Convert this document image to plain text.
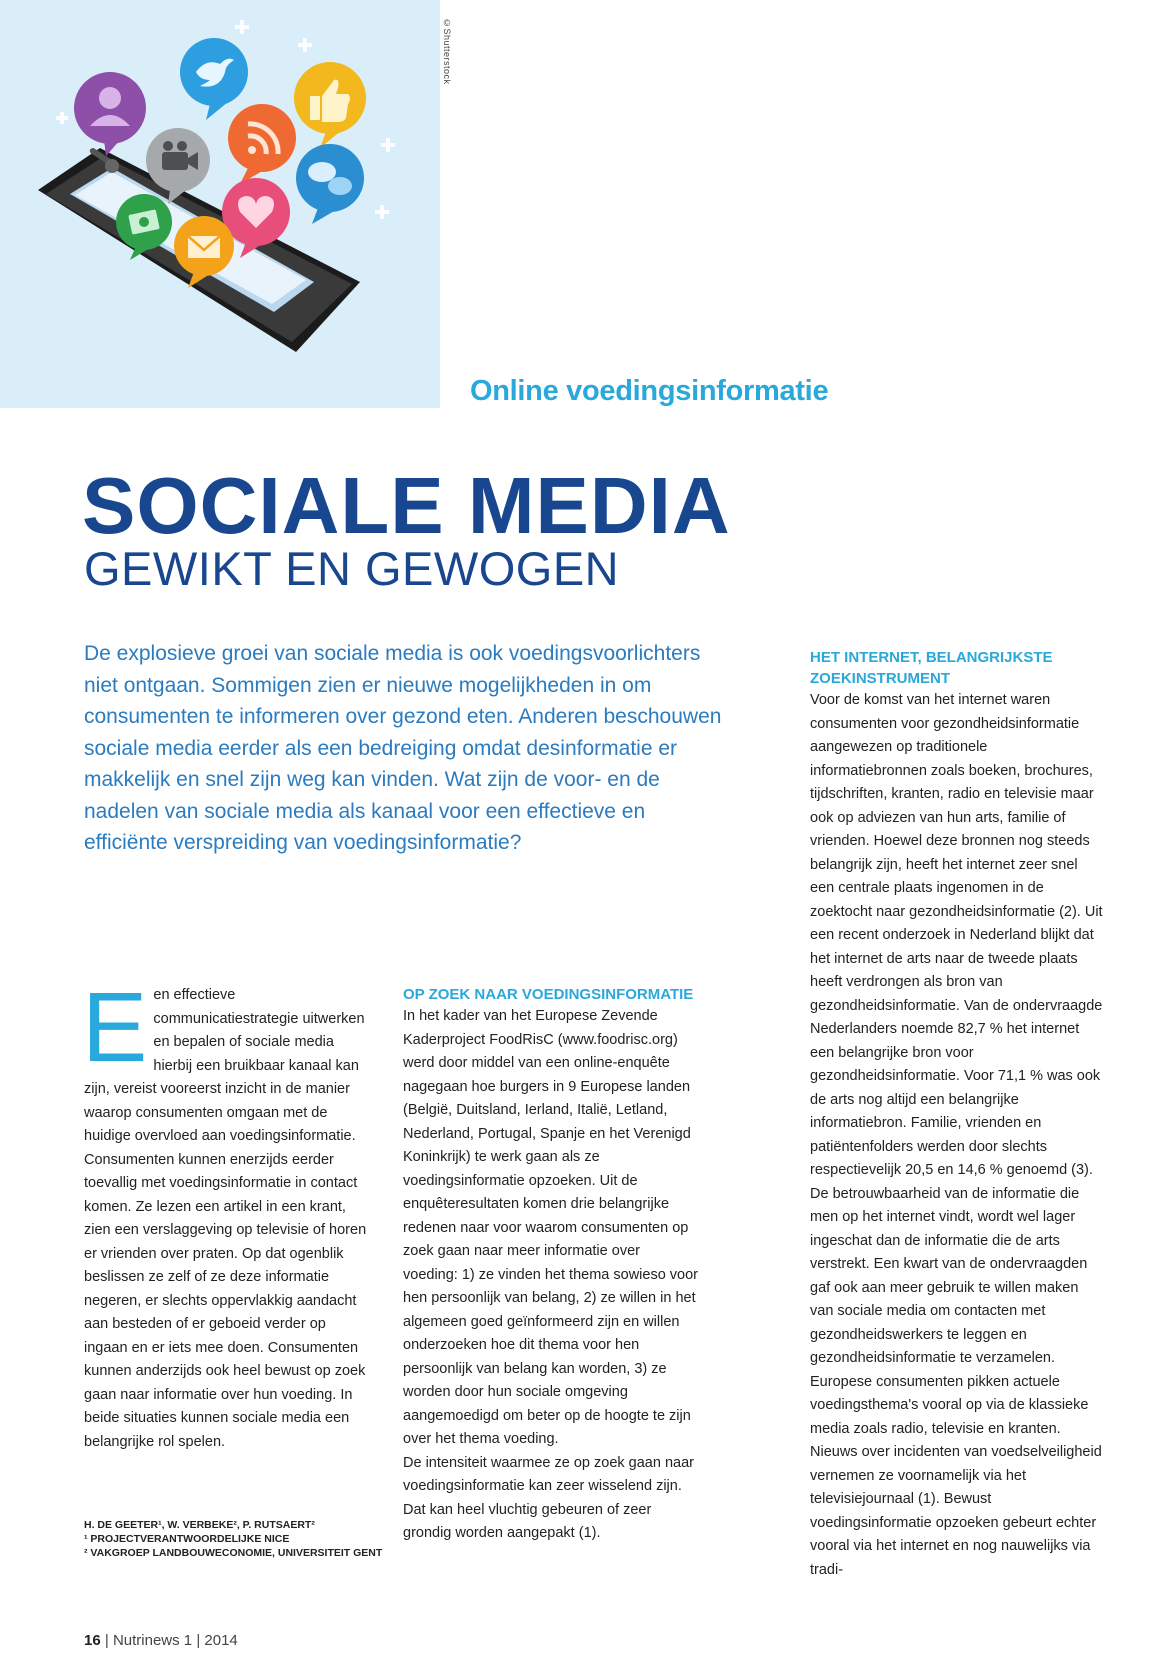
©Shutterstock
Online voedingsinformatie
SOCIALE MEDIA
GEWIKT EN GEWOGEN

De explosieve groei van sociale media is ook voedingsvoorlichters niet ontgaan. Sommigen zien er nieuwe mogelijkheden in om consumenten te informeren over gezond eten. Anderen beschouwen sociale media eerder als een bedreiging omdat desinformatie er makkelijk en snel zijn weg kan vinden. Wat zijn de voor- en de nadelen van sociale media als kanaal voor een effectieve en efficiënte verspreiding van voedingsinformatie?

E en effectieve communicatiestrategie uitwerken en bepalen of sociale media hierbij een bruikbaar kanaal kan zijn, vereist vooreerst inzicht in de manier waarop consumenten omgaan met de huidige overvloed aan voedingsinformatie. Consumenten kunnen enerzijds eerder toevallig met voedingsinformatie in contact komen. Ze lezen een artikel in een krant, zien een verslaggeving op televisie of horen er vrienden over praten. Op dat ogenblik beslissen ze zelf of ze deze informatie negeren, er slechts oppervlakkig aandacht aan besteden of er geboeid verder op ingaan en er iets mee doen. Consumenten kunnen anderzijds ook heel bewust op zoek gaan naar informatie over hun voeding. In beide situaties kunnen sociale media een belangrijke rol spelen.

H. DE GEETER¹, W. VERBEKE², P. RUTSAERT²
¹ PROJECTVERANTWOORDELIJKE NICE
² VAKGROEP LANDBOUWECONOMIE, UNIVERSITEIT GENT

OP ZOEK NAAR VOEDINGSINFORMATIE

In het kader van het Europese Zevende Kaderproject FoodRisC (www.foodrisc.org) werd door middel van een online-enquête nagegaan hoe burgers in 9 Europese landen (België, Duitsland, Ierland, Italië, Letland, Nederland, Portugal, Spanje en het Verenigd Koninkrijk) te werk gaan als ze voedingsinformatie opzoeken. Uit de enquêteresultaten komen drie belangrijke redenen naar voor waarom consumenten op zoek gaan naar meer informatie over voeding: 1) ze vinden het thema sowieso voor hen persoonlijk van belang, 2) ze willen in het algemeen goed geïnformeerd zijn en willen onderzoeken hoe dit thema voor hen persoonlijk van belang kan worden, 3) ze worden door hun sociale omgeving aangemoedigd om beter op de hoogte te zijn over het thema voeding.

De intensiteit waarmee ze op zoek gaan naar voedingsinformatie kan zeer wisselend zijn. Dat kan heel vluchtig gebeuren of zeer grondig worden aangepakt (1).

HET INTERNET, BELANGRIJKSTE ZOEKINSTRUMENT

Voor de komst van het internet waren consumenten voor gezondheidsinformatie aangewezen op traditionele informatiebronnen zoals boeken, brochures, tijdschriften, kranten, radio en televisie maar ook op adviezen van hun arts, familie of vrienden. Hoewel deze bronnen nog steeds belangrijk zijn, heeft het internet zeer snel een centrale plaats ingenomen in de zoektocht naar gezondheidsinformatie (2). Uit een recent onderzoek in Nederland blijkt dat het internet de arts naar de tweede plaats heeft verdrongen als bron van gezondheidsinformatie. Van de ondervraagde Nederlanders noemde 82,7 % het internet een belangrijke bron voor gezondheidsinformatie. Voor 71,1 % was ook de arts nog altijd een belangrijke informatiebron. Familie, vrienden en patiëntenfolders werden door slechts respectievelijk 20,5 en 14,6 % genoemd (3). De betrouwbaarheid van de informatie die men op het internet vindt, wordt wel lager ingeschat dan de informatie die de arts verstrekt. Een kwart van de ondervraagden gaf ook aan meer gebruik te willen maken van sociale media om contacten met gezondheidswerkers te leggen en gezondheidsinformatie te verzamelen.

Europese consumenten pikken actuele voedingsthema's vooral op via de klassieke media zoals radio, televisie en kranten. Nieuws over incidenten van voedselveiligheid vernemen ze voornamelijk via het televisiejournaal (1). Bewust voedingsinformatie opzoeken gebeurt echter vooral via het internet en nog nauwelijks via tradi-

16 | Nutrinews 1 | 2014
